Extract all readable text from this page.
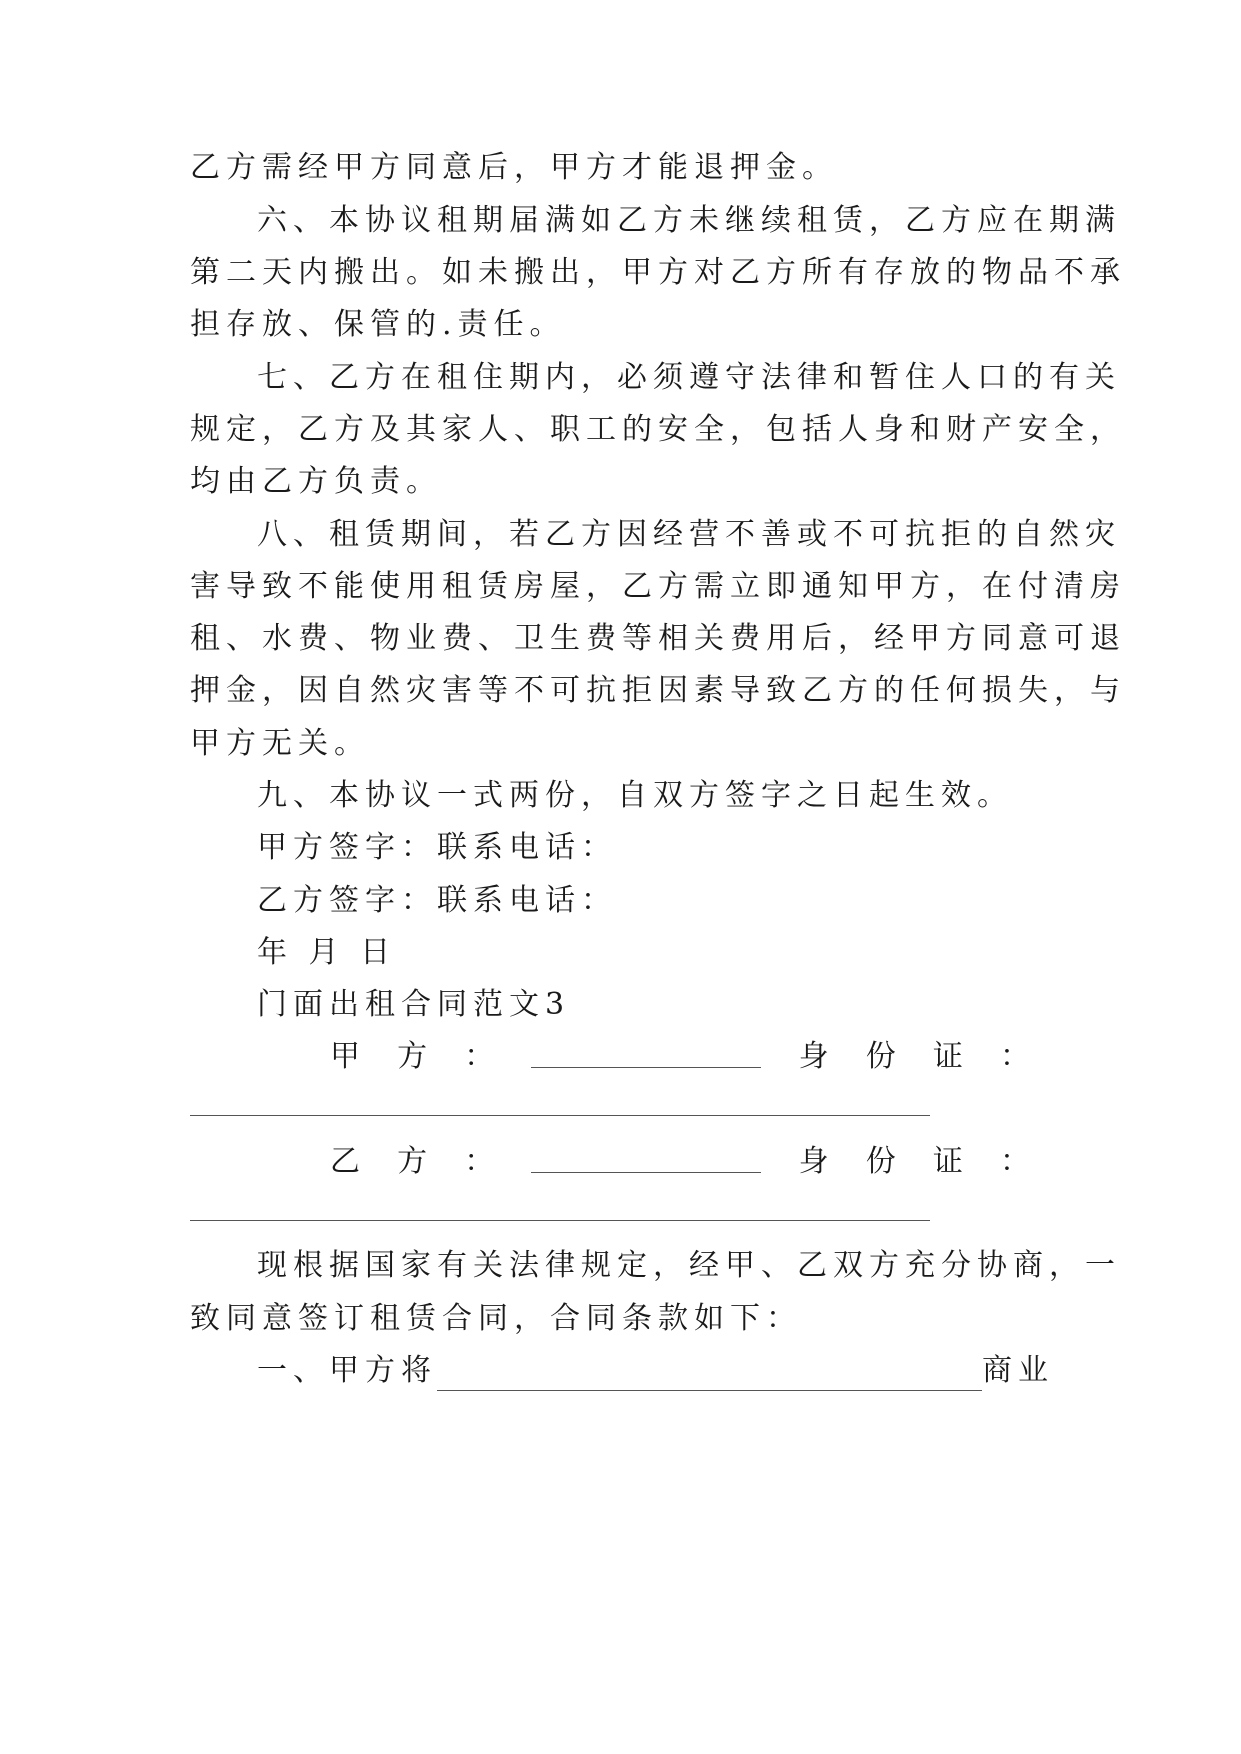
乙方需经甲方同意后，甲方才能退押金。
六、本协议租期届满如乙方未继续租赁，乙方应在期满
第二天内搬出。如未搬出，甲方对乙方所有存放的物品不承
担存放、保管的.责任。
七、乙方在租住期内，必须遵守法律和暂住人口的有关
规定，乙方及其家人、职工的安全，包括人身和财产安全，
均由乙方负责。
八、租赁期间，若乙方因经营不善或不可抗拒的自然灾
害导致不能使用租赁房屋，乙方需立即通知甲方，在付清房
租、水费、物业费、卫生费等相关费用后，经甲方同意可退
押金，因自然灾害等不可抗拒因素导致乙方的任何损失，与
甲方无关。
九、本协议一式两份，自双方签字之日起生效。
甲方签字：联系电话：
乙方签字：联系电话：
年 月 日
门面出租合同范文3
甲 方 ：	身 份 证 ：
乙 方 ：	身 份 证 ：
现根据国家有关法律规定，经甲、乙双方充分协商，一
致同意签订租赁合同，合同条款如下：
一、甲方将	商业
